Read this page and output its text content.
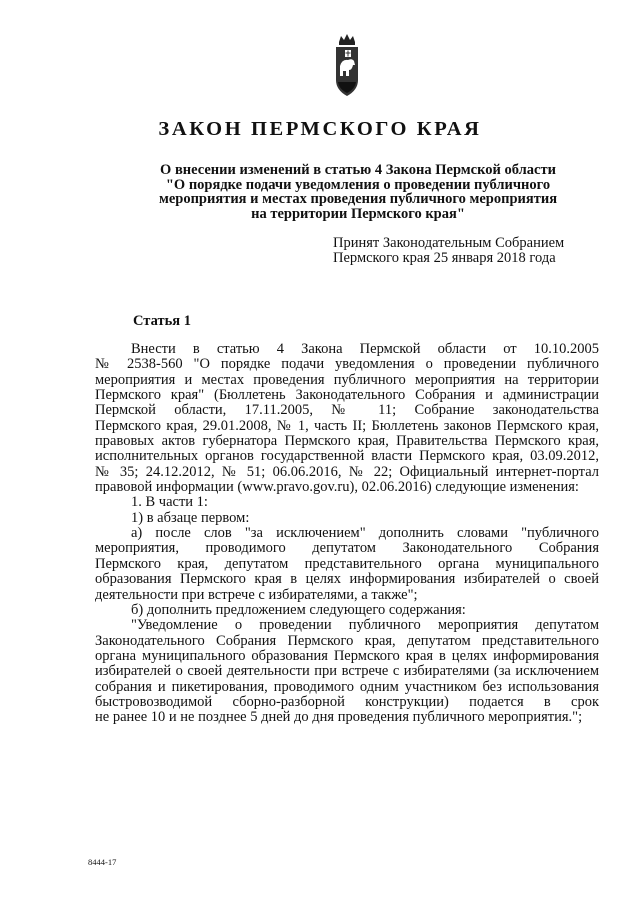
ЗАКОН ПЕРМСКОГО КРАЯ
О внесении изменений в статью 4 Закона Пермской области
"О порядке подачи уведомления о проведении публичного
мероприятия и местах проведения публичного мероприятия
на территории Пермского края"
Принят Законодательным Собранием
Пермского края 25 января 2018 года
Статья 1
Внести в статью 4 Закона Пермской области от 10.10.2005
№ 2538-560 "О порядке подачи уведомления о проведении публичного
мероприятия и местах проведения публичного мероприятия на территории
Пермского края" (Бюллетень Законодательного Собрания и администрации
Пермской области, 17.11.2005, № 11; Собрание законодательства
Пермского края, 29.01.2008, № 1, часть II; Бюллетень законов Пермского края,
правовых актов губернатора Пермского края, Правительства Пермского края,
исполнительных органов государственной власти Пермского края, 03.09.2012,
№ 35; 24.12.2012, № 51; 06.06.2016, № 22; Официальный интернет-портал
правовой информации (www.pravo.gov.ru), 02.06.2016) следующие изменения:
1. В части 1:
1) в абзаце первом:
а) после слов "за исключением" дополнить словами "публичного
мероприятия, проводимого депутатом Законодательного Собрания
Пермского края, депутатом представительного органа муниципального
образования Пермского края в целях информирования избирателей о своей
деятельности при встрече с избирателями, а также";
б) дополнить предложением следующего содержания:
"Уведомление о проведении публичного мероприятия депутатом
Законодательного Собрания Пермского края, депутатом представительного
органа муниципального образования Пермского края в целях информирования
избирателей о своей деятельности при встрече с избирателями (за исключением
собрания и пикетирования, проводимого одним участником без использования
быстровозводимой сборно-разборной конструкции) подается в срок
не ранее 10 и не позднее 5 дней до дня проведения публичного мероприятия.";
8444-17
